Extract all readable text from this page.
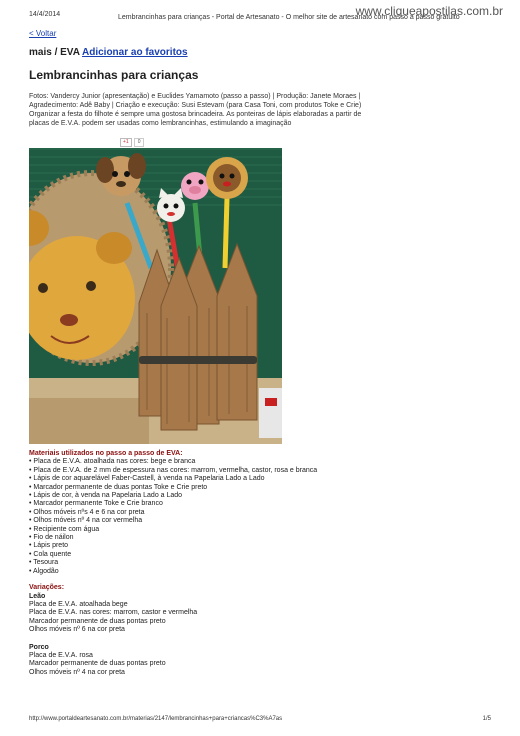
14/4/2014	Lembrancinhas para crianças - Portal de Artesanato - O melhor site de artesanato com passo a passo gratuito
www.cliqueapostilas.com.br
< Voltar
mais / EVA Adicionar ao favoritos
Lembrancinhas para crianças
Fotos: Vandercy Junior (apresentação) e Euclides Yamamoto (passo a passo) | Produção: Janete Moraes | Agradecimento: Adê Baby | Criação e execução: Susi Estevam (para Casa Toni, com produtos Toke e Crie)
Organizar a festa do filhote é sempre uma gostosa brincadeira. As ponteiras de lápis elaboradas a partir de placas de E.V.A. podem ser usadas como lembrancinhas, estimulando a imaginação
+1	0
Materiais utilizados no passo a passo de EVA:
• Placa de E.V.A. atoalhada nas cores: bege e branca
• Placa de E.V.A. de 2 mm de espessura nas cores: marrom, vermelha, castor, rosa e branca
• Lápis de cor aquarelável Faber-Castell, à venda na Papelaria Lado a Lado
• Marcador permanente de duas pontas Toke e Crie preto
• Lápis de cor, à venda na Papelaria Lado a Lado
• Marcador permanente Toke e Crie branco
• Olhos móveis nºs 4 e 6 na cor preta
• Olhos móveis nº 4 na cor vermelha
• Recipiente com água
• Fio de náilon
• Lápis preto
• Cola quente
• Tesoura
• Algodão
Variações:
Leão
Placa de E.V.A. atoalhada bege
Placa de E.V.A. nas cores: marrom, castor e vermelha
Marcador permanente de duas pontas preto
Olhos móveis nº 6 na cor preta
Porco
Placa de E.V.A. rosa
Marcador permanente de duas pontas preto
Olhos móveis nº 4 na cor preta
http://www.portaldeartesanato.com.br/materias/2147/lembrancinhas+para+criancas%C3%A7as	1/5
